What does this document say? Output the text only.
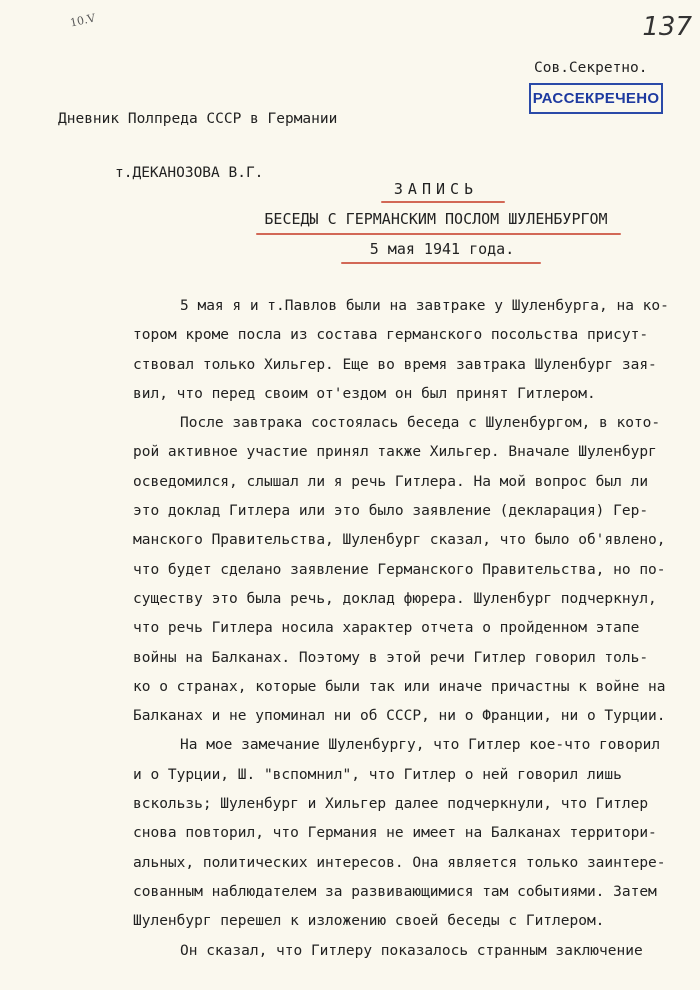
10.V	137

Дневник Полпреда СССР в Германии

т.ДЕКАНОЗОВА В.Г.

Сов.Секретно.
РАССЕКРЕЧЕНО
ЗАПИСЬ
БЕСЕДЫ С ГЕРМАНСКИМ ПОСЛОМ ШУЛЕНБУРГОМ
5 мая 1941 года.
5 мая я и т.Павлов были на завтраке у Шуленбурга, на ко-
тором кроме посла из состава германского посольства присут-
ствовал только Хильгер. Еще во время завтрака Шуленбург зая-
вил, что перед своим от'ездом он был принят Гитлером.
После завтрака состоялась беседа с Шуленбургом, в кото-
рой активное участие принял также Хильгер. Вначале Шуленбург
осведомился, слышал ли я речь Гитлера. На мой вопрос был ли
это доклад Гитлера или это было заявление (декларация) Гер-
манского Правительства, Шуленбург сказал, что было об'явлено,
что будет сделано заявление Германского Правительства, но по-
существу это была речь, доклад фюрера. Шуленбург подчеркнул,
что речь Гитлера носила характер отчета о пройденном этапе
войны на Балканах. Поэтому в этой речи Гитлер говорил толь-
ко о странах, которые были так или иначе причастны к войне на
Балканах и не упоминал ни об СССР, ни о Франции, ни о Турции.
На мое замечание Шуленбургу, что Гитлер кое-что говорил
и о Турции, Ш. "вспомнил", что Гитлер о ней говорил лишь
вскользь; Шуленбург и Хильгер далее подчеркнули, что Гитлер
снова повторил, что Германия не имеет на Балканах территори-
альных, политических интересов. Она является только заинтере-
сованным наблюдателем за развивающимися там событиями. Затем
Шуленбург перешел к изложению своей беседы с Гитлером.
Он сказал, что Гитлеру показалось странным заключение
